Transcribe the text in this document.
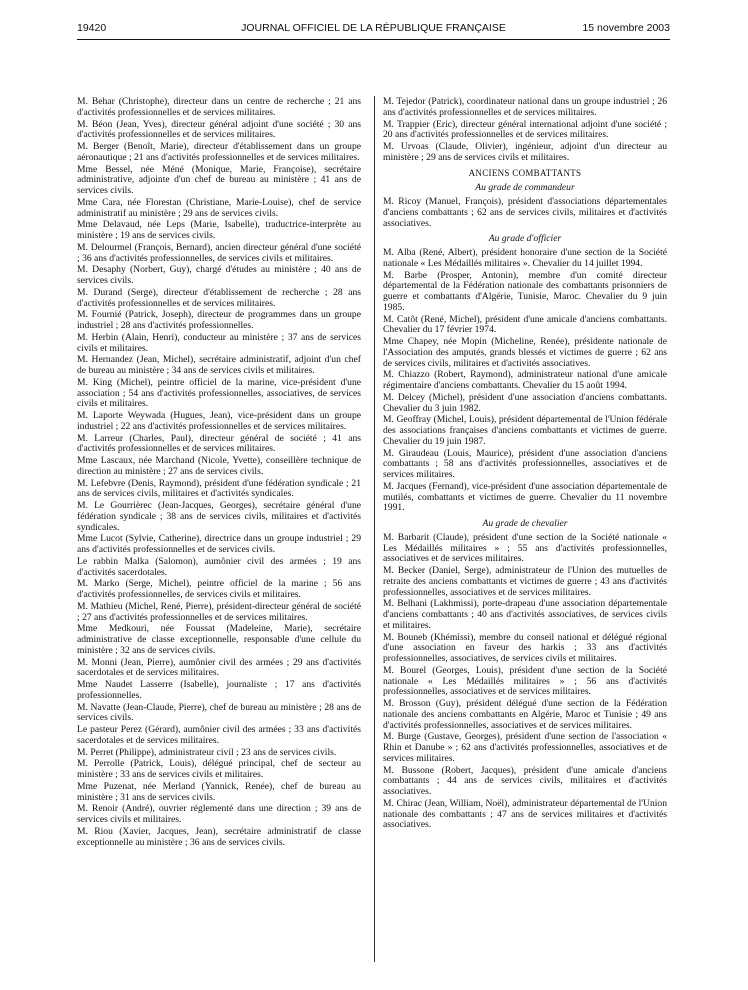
19420	JOURNAL OFFICIEL DE LA RÉPUBLIQUE FRANÇAISE	15 novembre 2003

M. Behar (Christophe), directeur dans un centre de recherche ; 21 ans d'activités professionnelles et de services militaires.

M. Béon (Jean, Yves), directeur général adjoint d'une société ; 30 ans d'activités professionnelles et de services militaires.

M. Berger (Benoît, Marie), directeur d'établissement dans un groupe aéronautique ; 21 ans d'activités professionnelles et de services militaires.

Mme Bessel, née Méné (Monique, Marie, Françoise), secrétaire administrative, adjointe d'un chef de bureau au ministère ; 41 ans de services civils.

Mme Cara, née Florestan (Christiane, Marie-Louise), chef de service administratif au ministère ; 29 ans de services civils.

Mme Delavaud, née Leps (Marie, Isabelle), traductrice-interprète au ministère ; 19 ans de services civils.

M. Delourmel (François, Bernard), ancien directeur général d'une société ; 36 ans d'activités professionnelles, de services civils et militaires.

M. Desaphy (Norbert, Guy), chargé d'études au ministère ; 40 ans de services civils.

M. Durand (Serge), directeur d'établissement de recherche ; 28 ans d'activités professionnelles et de services militaires.

M. Fournié (Patrick, Joseph), directeur de programmes dans un groupe industriel ; 28 ans d'activités professionnelles.

M. Herbin (Alain, Henri), conducteur au ministère ; 37 ans de services civils et militaires.

M. Hernandez (Jean, Michel), secrétaire administratif, adjoint d'un chef de bureau au ministère ; 34 ans de services civils et militaires.

M. King (Michel), peintre officiel de la marine, vice-président d'une association ; 54 ans d'activités professionnelles, associatives, de services civils et militaires.

M. Laporte Weywada (Hugues, Jean), vice-président dans un groupe industriel ; 22 ans d'activités professionnelles et de services militaires.

M. Larreur (Charles, Paul), directeur général de société ; 41 ans d'activités professionnelles et de services militaires.

Mme Lascaux, née Marchand (Nicole, Yvette), conseillère technique de direction au ministère ; 27 ans de services civils.

M. Lefebvre (Denis, Raymond), président d'une fédération syndicale ; 21 ans de services civils, militaires et d'activités syndicales.

M. Le Gourrièrec (Jean-Jacques, Georges), secrétaire général d'une fédération syndicale ; 38 ans de services civils, militaires et d'activités syndicales.

Mme Lucot (Sylvie, Catherine), directrice dans un groupe industriel ; 29 ans d'activités professionnelles et de services civils.

Le rabbin Malka (Salomon), aumônier civil des armées ; 19 ans d'activités sacerdotales.

M. Marko (Serge, Michel), peintre officiel de la marine ; 56 ans d'activités professionnelles, de services civils et militaires.

M. Mathieu (Michel, René, Pierre), président-directeur général de société ; 27 ans d'activités professionnelles et de services militaires.

Mme Medkouri, née Foussat (Madeleine, Marie), secrétaire administrative de classe exceptionnelle, responsable d'une cellule du ministère ; 32 ans de services civils.

M. Monni (Jean, Pierre), aumônier civil des armées ; 29 ans d'activités sacerdotales et de services militaires.

Mme Naudet Lasserre (Isabelle), journaliste ; 17 ans d'activités professionnelles.

M. Navatte (Jean-Claude, Pierre), chef de bureau au ministère ; 28 ans de services civils.

Le pasteur Perez (Gérard), aumônier civil des armées ; 33 ans d'activités sacerdotales et de services militaires.

M. Perret (Philippe), administrateur civil ; 23 ans de services civils.

M. Perrolle (Patrick, Louis), délégué principal, chef de secteur au ministère ; 33 ans de services civils et militaires.

Mme Puzenat, née Merland (Yannick, Renée), chef de bureau au ministère ; 31 ans de services civils.

M. Renoir (André), ouvrier réglementé dans une direction ; 39 ans de services civils et militaires.

M. Riou (Xavier, Jacques, Jean), secrétaire administratif de classe exceptionnelle au ministère ; 36 ans de services civils.

M. Tejedor (Patrick), coordinateur national dans un groupe industriel ; 26 ans d'activités professionnelles et de services militaires.

M. Trappier (Eric), directeur général international adjoint d'une société ; 20 ans d'activités professionnelles et de services militaires.

M. Urvoas (Claude, Olivier), ingénieur, adjoint d'un directeur au ministère ; 29 ans de services civils et militaires.

ANCIENS COMBATTANTS
Au grade de commandeur

M. Ricoy (Manuel, François), président d'associations départementales d'anciens combattants ; 62 ans de services civils, militaires et d'activités associatives.

Au grade d'officier

M. Alba (René, Albert), président honoraire d'une section de la Société nationale « Les Médaillés militaires ». Chevalier du 14 juillet 1994.

M. Barbe (Prosper, Antonin), membre d'un comité directeur départemental de la Fédération nationale des combattants prisonniers de guerre et combattants d'Algérie, Tunisie, Maroc. Chevalier du 9 juin 1985.

M. Catôt (René, Michel), président d'une amicale d'anciens combattants. Chevalier du 17 février 1974.

Mme Chapey, née Mopin (Micheline, Renée), présidente nationale de l'Association des amputés, grands blessés et victimes de guerre ; 62 ans de services civils, militaires et d'activités associatives.

M. Chiazzo (Robert, Raymond), administrateur national d'une amicale régimentaire d'anciens combattants. Chevalier du 15 août 1994.

M. Delcey (Michel), président d'une association d'anciens combattants. Chevalier du 3 juin 1982.

M. Geoffray (Michel, Louis), président départemental de l'Union fédérale des associations françaises d'anciens combattants et victimes de guerre. Chevalier du 19 juin 1987.

M. Giraudeau (Louis, Maurice), président d'une association d'anciens combattants ; 58 ans d'activités professionnelles, associatives et de services militaires.

M. Jacques (Fernand), vice-président d'une association départementale de mutilés, combattants et victimes de guerre. Chevalier du 11 novembre 1991.

Au grade de chevalier

M. Barbarit (Claude), président d'une section de la Société nationale « Les Médaillés militaires » ; 55 ans d'activités professionnelles, associatives et de services militaires.

M. Becker (Daniel, Serge), administrateur de l'Union des mutuelles de retraite des anciens combattants et victimes de guerre ; 43 ans d'activités professionnelles, associatives et de services militaires.

M. Belhani (Lakhmissi), porte-drapeau d'une association départementale d'anciens combattants ; 40 ans d'activités associatives, de services civils et militaires.

M. Bouneb (Khémissi), membre du conseil national et délégué régional d'une association en faveur des harkis ; 33 ans d'activités professionnelles, associatives, de services civils et militaires.

M. Bourel (Georges, Louis), président d'une section de la Société nationale « Les Médaillés militaires » ; 56 ans d'activités professionnelles, associatives et de services militaires.

M. Brosson (Guy), président délégué d'une section de la Fédération nationale des anciens combattants en Algérie, Maroc et Tunisie ; 49 ans d'activités professionnelles, associatives et de services militaires.

M. Burge (Gustave, Georges), président d'une section de l'association « Rhin et Danube » ; 62 ans d'activités professionnelles, associatives et de services militaires.

M. Bussone (Robert, Jacques), président d'une amicale d'anciens combattants ; 44 ans de services civils, militaires et d'activités associatives.

M. Chirac (Jean, William, Noël), administrateur départemental de l'Union nationale des combattants ; 47 ans de services militaires et d'activités associatives.
